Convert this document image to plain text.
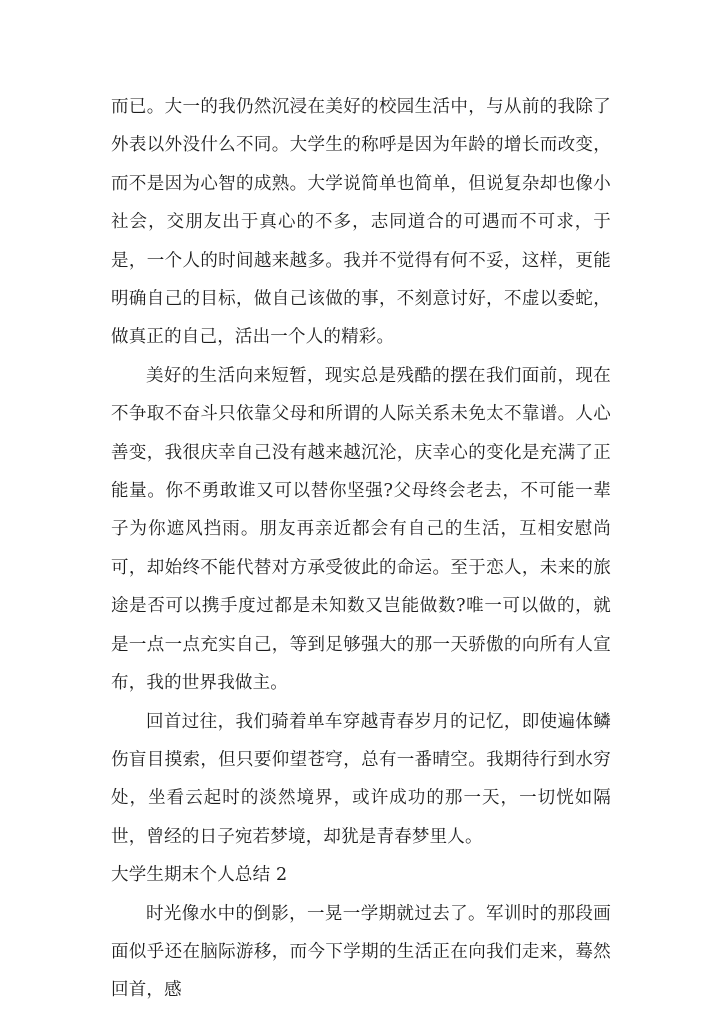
而已。大一的我仍然沉浸在美好的校园生活中，与从前的我除了外表以外没什么不同。大学生的称呼是因为年龄的增长而改变，而不是因为心智的成熟。大学说简单也简单，但说复杂却也像小社会，交朋友出于真心的不多，志同道合的可遇而不可求，于是，一个人的时间越来越多。我并不觉得有何不妥，这样，更能明确自己的目标，做自己该做的事，不刻意讨好，不虚以委蛇，做真正的自己，活出一个人的精彩。

美好的生活向来短暂，现实总是残酷的摆在我们面前，现在不争取不奋斗只依靠父母和所谓的人际关系未免太不靠谱。人心善变，我很庆幸自己没有越来越沉沦，庆幸心的变化是充满了正能量。你不勇敢谁又可以替你坚强?父母终会老去，不可能一辈子为你遮风挡雨。朋友再亲近都会有自己的生活，互相安慰尚可，却始终不能代替对方承受彼此的命运。至于恋人，未来的旅途是否可以携手度过都是未知数又岂能做数?唯一可以做的，就是一点一点充实自己，等到足够强大的那一天骄傲的向所有人宣布，我的世界我做主。

回首过往，我们骑着单车穿越青春岁月的记忆，即使遍体鳞伤盲目摸索，但只要仰望苍穹，总有一番晴空。我期待行到水穷处，坐看云起时的淡然境界，或许成功的那一天，一切恍如隔世，曾经的日子宛若梦境，却犹是青春梦里人。

大学生期末个人总结 2

时光像水中的倒影，一晃一学期就过去了。军训时的那段画面似乎还在脑际游移，而今下学期的生活正在向我们走来，蓦然回首，感
